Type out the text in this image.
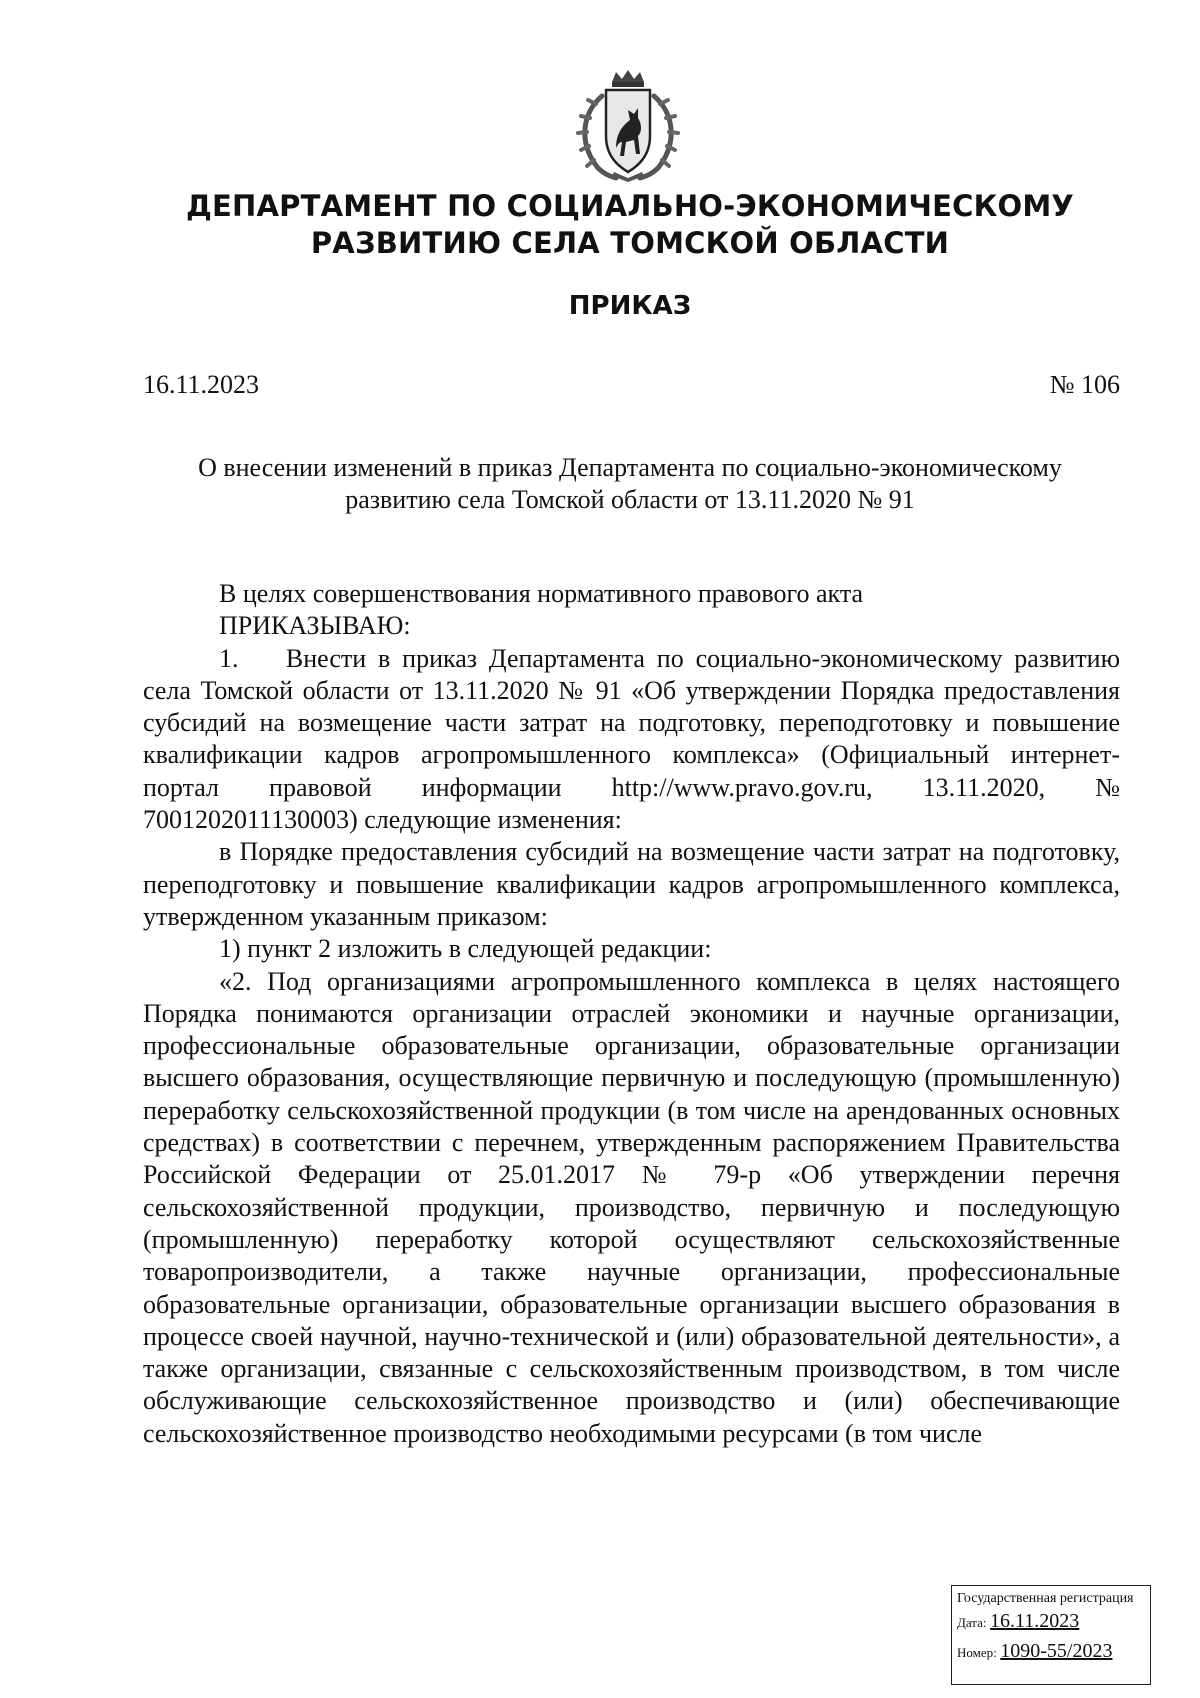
ДЕПАРТАМЕНТ ПО СОЦИАЛЬНО-ЭКОНОМИЧЕСКОМУ
РАЗВИТИЮ СЕЛА ТОМСКОЙ ОБЛАСТИ
ПРИКАЗ
16.11.2023	№ 106
О внесении изменений в приказ Департамента по социально-экономическому
развитию села Томской области от 13.11.2020 № 91

В целях совершенствования нормативного правового акта

ПРИКАЗЫВАЮ:

1.    Внести в приказ Департамента по социально-экономическому развитию села Томской области от 13.11.2020 № 91 «Об утверждении Порядка предоставления субсидий на возмещение части затрат на подготовку, переподготовку и повышение квалификации кадров агропромышленного комплекса» (Официальный интернет-портал правовой информации http://www.pravo.gov.ru, 13.11.2020, № 7001202011130003) следующие изменения:

в Порядке предоставления субсидий на возмещение части затрат на подготовку, переподготовку и повышение квалификации кадров агропромышленного комплекса, утвержденном указанным приказом:

1) пункт 2 изложить в следующей редакции:

«2. Под организациями агропромышленного комплекса в целях настоящего Порядка понимаются организации отраслей экономики и научные организации, профессиональные образовательные организации, образовательные организации высшего образования, осуществляющие первичную и последующую (промышленную) переработку сельскохозяйственной продукции (в том числе на арендованных основных средствах) в соответствии с перечнем, утвержденным распоряжением Правительства Российской Федерации от 25.01.2017 № 79-р «Об утверждении перечня сельскохозяйственной продукции, производство, первичную и последующую (промышленную) переработку которой осуществляют сельскохозяйственные товаропроизводители, а также научные организации, профессиональные образовательные организации, образовательные организации высшего образования в процессе своей научной, научно-технической и (или) образовательной деятельности», а также организации, связанные с сельскохозяйственным производством, в том числе обслуживающие сельскохозяйственное производство и (или) обеспечивающие сельскохозяйственное производство необходимыми ресурсами (в том числе

Государственная регистрация
Дата: 16.11.2023
Номер: 1090-55/2023
